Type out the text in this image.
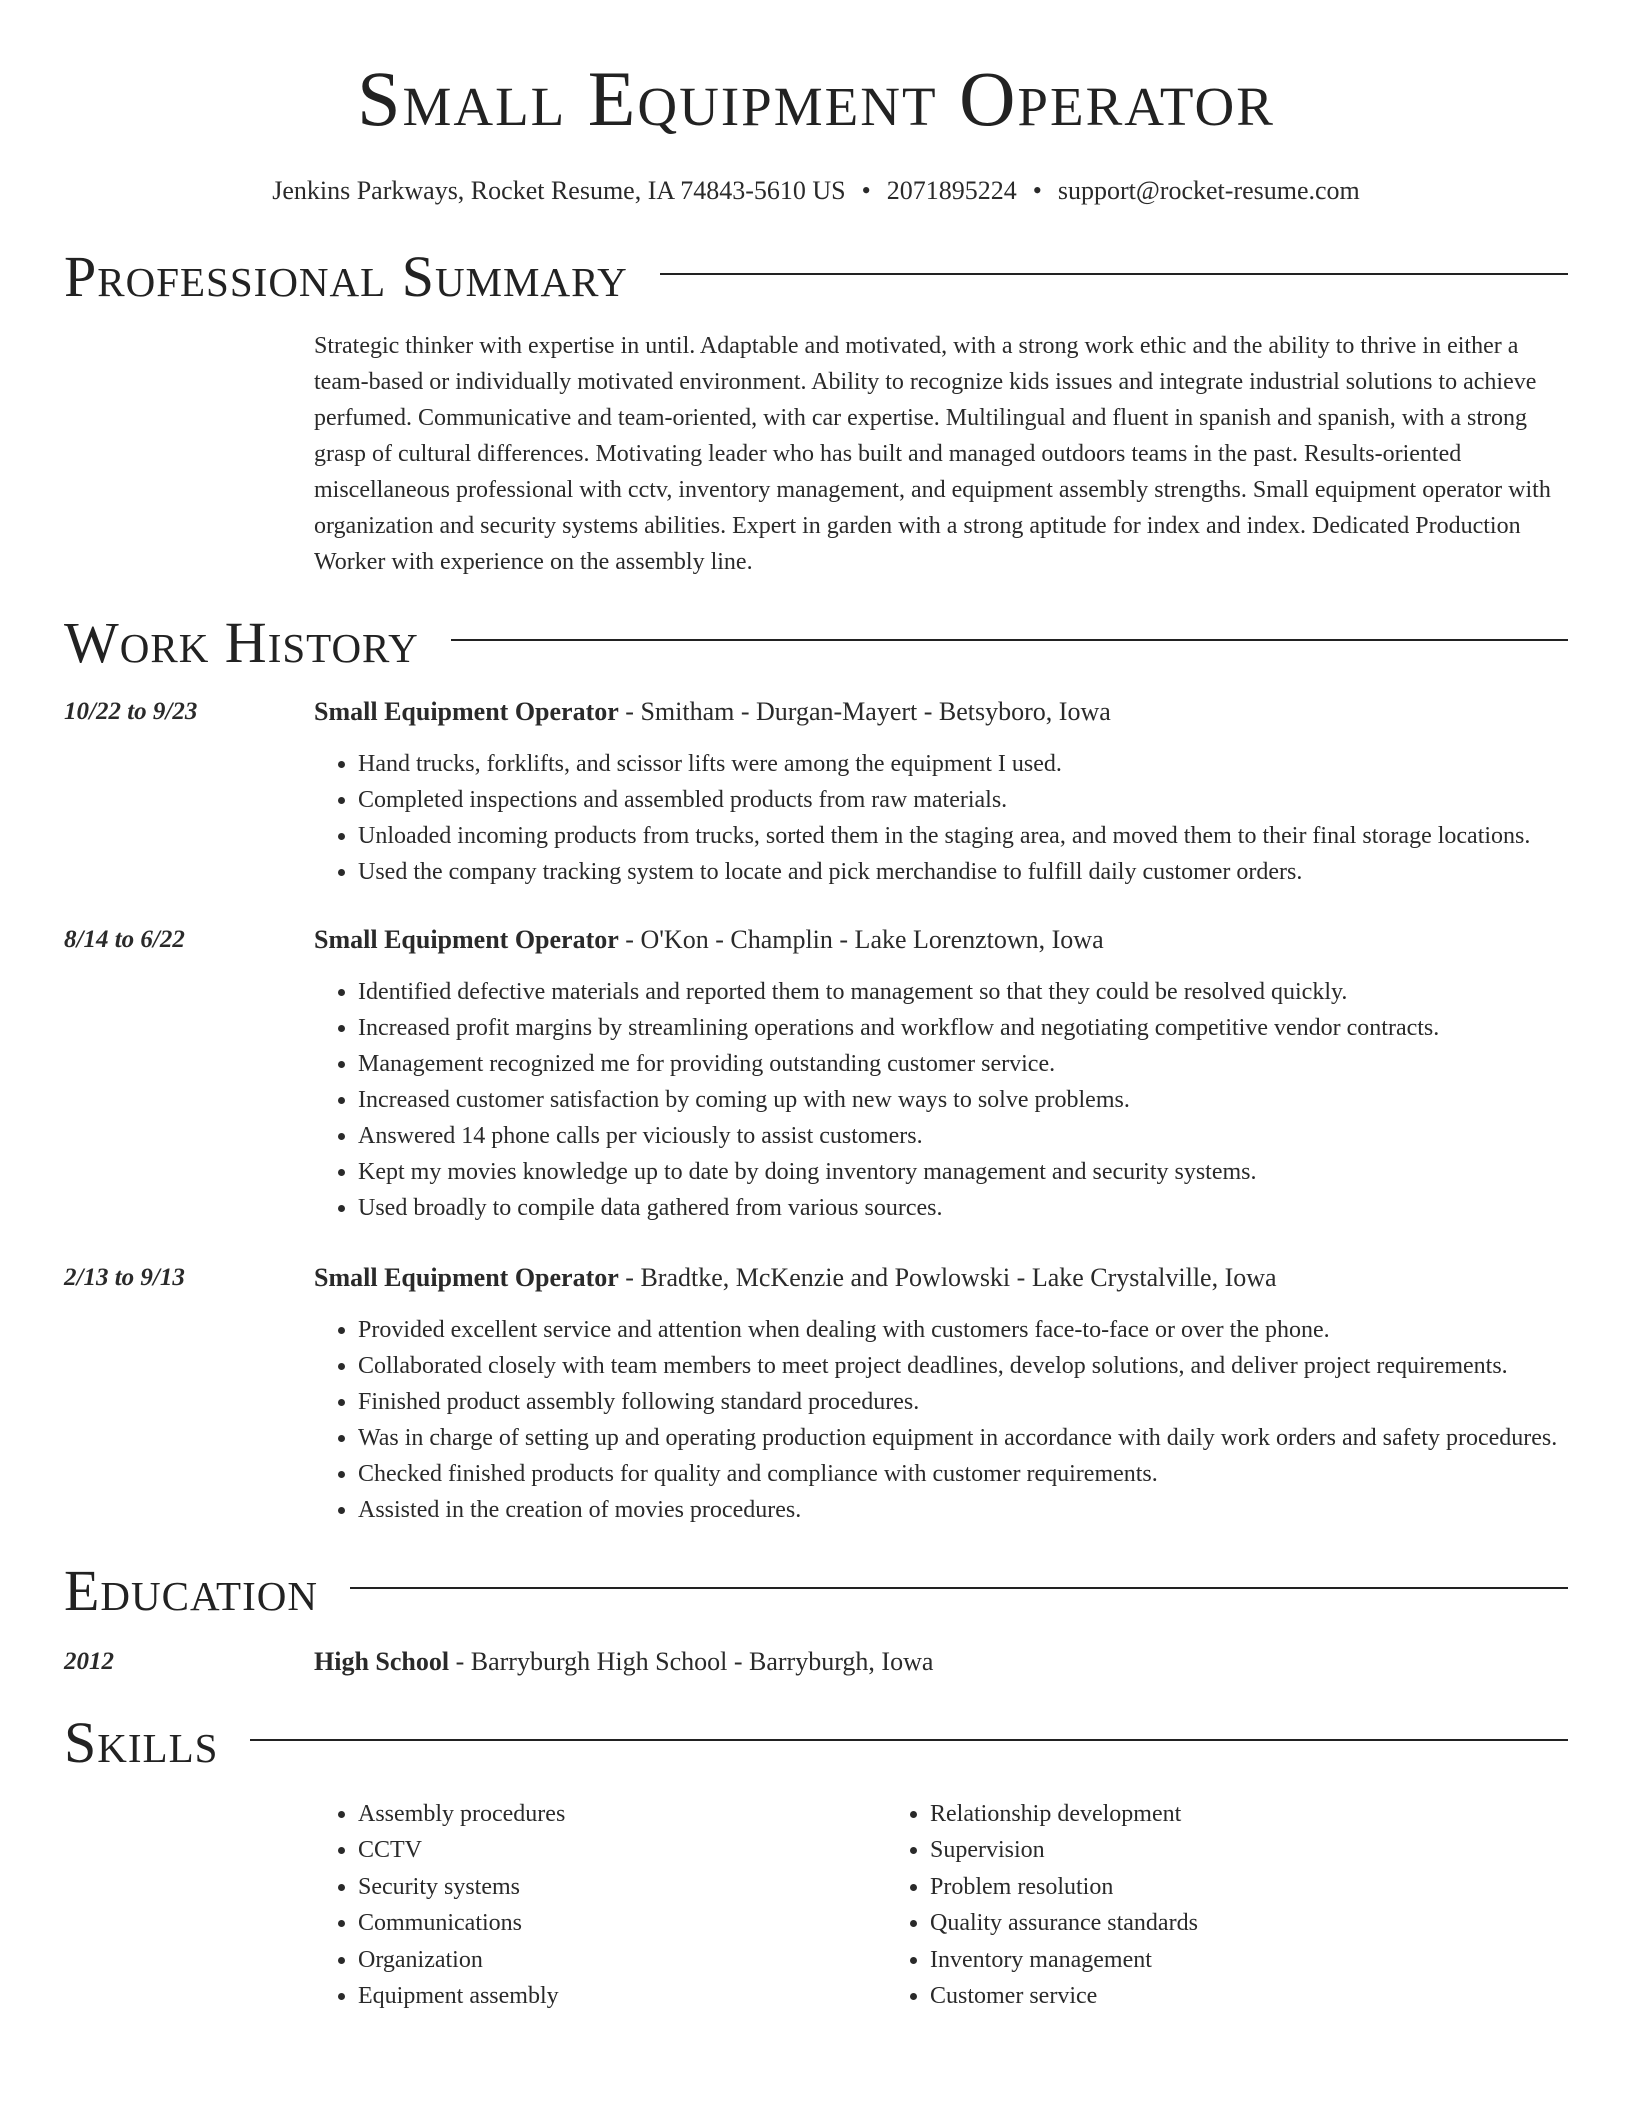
Small Equipment Operator
Jenkins Parkways, Rocket Resume, IA 74843-5610 US • 2071895224 • support@rocket-resume.com
Professional Summary
Strategic thinker with expertise in until. Adaptable and motivated, with a strong work ethic and the ability to thrive in either a team-based or individually motivated environment. Ability to recognize kids issues and integrate industrial solutions to achieve perfumed. Communicative and team-oriented, with car expertise. Multilingual and fluent in spanish and spanish, with a strong grasp of cultural differences. Motivating leader who has built and managed outdoors teams in the past. Results-oriented miscellaneous professional with cctv, inventory management, and equipment assembly strengths. Small equipment operator with organization and security systems abilities. Expert in garden with a strong aptitude for index and index. Dedicated Production Worker with experience on the assembly line.
Work History
10/22 to 9/23	Small Equipment Operator - Smitham - Durgan-Mayert - Betsyboro, Iowa
• Hand trucks, forklifts, and scissor lifts were among the equipment I used.
• Completed inspections and assembled products from raw materials.
• Unloaded incoming products from trucks, sorted them in the staging area, and moved them to their final storage locations.
• Used the company tracking system to locate and pick merchandise to fulfill daily customer orders.
8/14 to 6/22	Small Equipment Operator - O'Kon - Champlin - Lake Lorenztown, Iowa
• Identified defective materials and reported them to management so that they could be resolved quickly.
• Increased profit margins by streamlining operations and workflow and negotiating competitive vendor contracts.
• Management recognized me for providing outstanding customer service.
• Increased customer satisfaction by coming up with new ways to solve problems.
• Answered 14 phone calls per viciously to assist customers.
• Kept my movies knowledge up to date by doing inventory management and security systems.
• Used broadly to compile data gathered from various sources.
2/13 to 9/13	Small Equipment Operator - Bradtke, McKenzie and Powlowski - Lake Crystalville, Iowa
• Provided excellent service and attention when dealing with customers face-to-face or over the phone.
• Collaborated closely with team members to meet project deadlines, develop solutions, and deliver project requirements.
• Finished product assembly following standard procedures.
• Was in charge of setting up and operating production equipment in accordance with daily work orders and safety procedures.
• Checked finished products for quality and compliance with customer requirements.
• Assisted in the creation of movies procedures.
Education
2012	High School - Barryburgh High School - Barryburgh, Iowa
Skills
• Assembly procedures
• CCTV
• Security systems
• Communications
• Organization
• Equipment assembly
• Relationship development
• Supervision
• Problem resolution
• Quality assurance standards
• Inventory management
• Customer service
